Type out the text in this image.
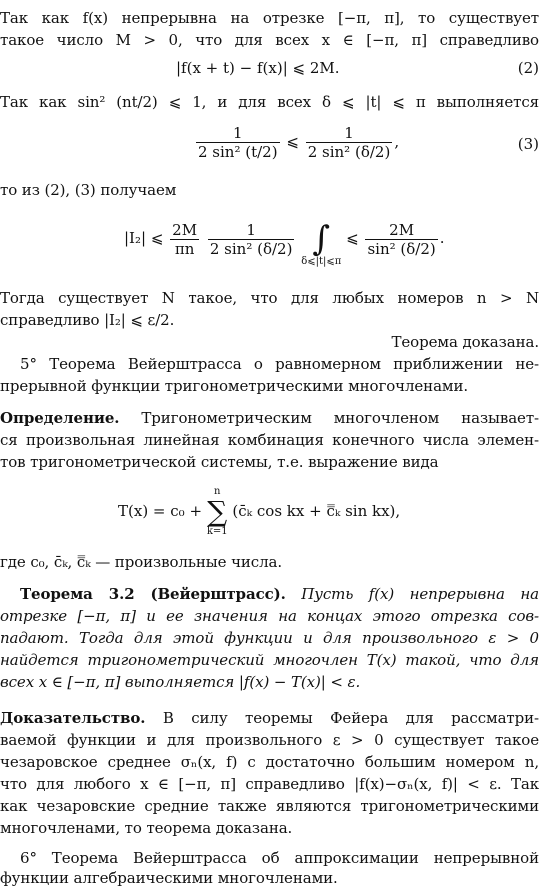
Так как f(x) непрерывна на отрезке [−π, π], то существует

такое число M > 0, что для всех x ∈ [−π, π] справедливо

|f(x + t) − f(x)| ⩽ 2M.	(2)

Так как sin² (nt/2) ⩽ 1, и для всех δ ⩽ |t| ⩽ π выполняется

$\frac{1}{\text{2 sin² (t/2)}}$ ⩽ $\frac{1}{\text{2 sin² (δ/2)}}$ ,	(3)

то из (2), (3) получаем

|I₂| ⩽ $\frac{2M}{\pi n}$
$\frac{1}{\text{2 sin² (δ/2)}}$
∫
δ⩽|t|⩽π
⩽ $\frac{2M}{\text{sin² (δ/2)}}$ .

Тогда существует N такое, что для любых номеров n > N

справедливо |I₂| ⩽ ε/2.

Теорема доказана.

5° Теорема Вейерштрасса о равномерном приближении не-

прерывной функции тригонометрическими многочленами.

Определение. Тригонометрическим многочленом называет-

ся произвольная линейная комбинация конечного числа элемен-

тов тригонометрической системы, т.е. выражение вида

T(x) = c₀ +
n
∑
k=1
(c̄ₖ cos kx + c̿ₖ sin kx),

где c₀, c̄ₖ, c̿ₖ — произвольные числа.

Теорема 3.2 (Вейерштрасс). Пусть f(x) непрерывна на

отрезке [−π, π] и ее значения на концах этого отрезка сов-

падают. Тогда для этой функции и для произвольного ε > 0

найдется тригонометрический многочлен T(x) такой, что для

всех x ∈ [−π, π] выполняется |f(x) − T(x)| < ε.

Доказательство. В силу теоремы Фейера для рассматри-

ваемой функции и для произвольного ε > 0 существует такое

чезаровское среднее σₙ(x, f) с достаточно большим номером n,

что для любого x ∈ [−π, π] справедливо |f(x)−σₙ(x, f)| < ε. Так

как чезаровские средние также являются тригонометрическими

многочленами, то теорема доказана.

6° Теорема Вейерштрасса об аппроксимации непрерывной

функции алгебраическими многочленами.
